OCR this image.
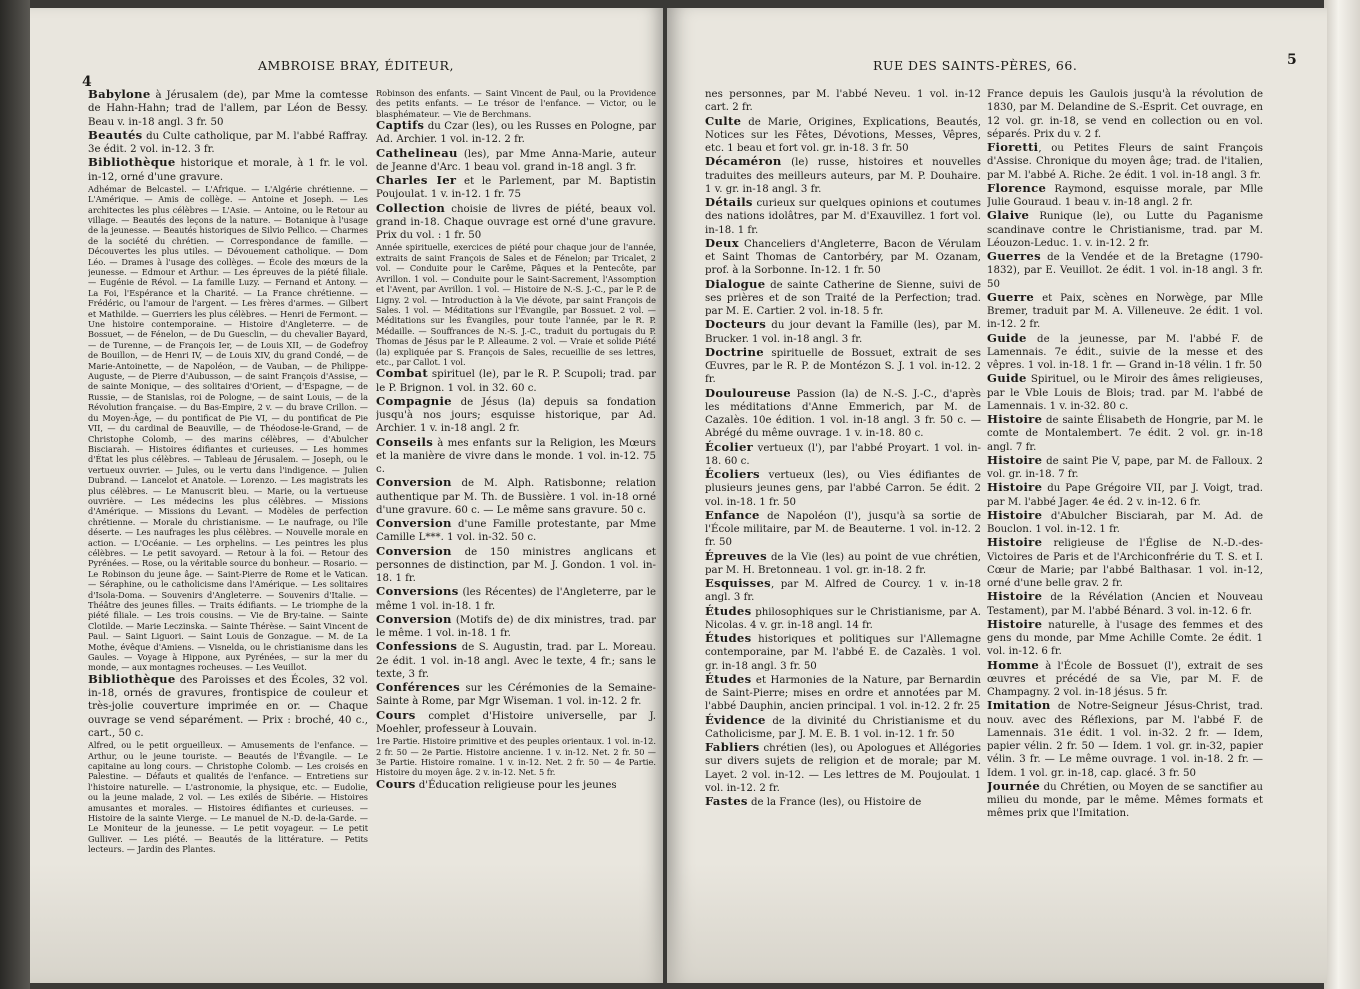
AMBROISE BRAY, ÉDITEUR,
4

Babylone à Jérusalem (de), par Mme la comtesse de Hahn-Hahn; trad de l'allem, par Léon de Bessy. Beau v. in-18 angl. 3 fr. 50

Beautés du Culte catholique, par M. l'abbé Raffray. 3e édit. 2 vol. in-12. 3 fr.

Bibliothèque historique et morale, à 1 fr. le vol. in-12, orné d'une gravure.

Adhémar de Belcastel. — L'Afrique. — L'Algérie chrétienne. — L'Amérique. — Amis de collège. — Antoine et Joseph. — Les architectes les plus célèbres — L'Asie. — Antoine, ou le Retour au village. — Beautés des leçons de la nature. — Botanique à l'usage de la jeunesse. — Beautés historiques de Silvio Pellico. — Charmes de la société du chrétien. — Correspondance de famille. — Découvertes les plus utiles. — Dévouement catholique. — Dom Léo. — Drames à l'usage des collèges. — École des mœurs de la jeunesse. — Edmour et Arthur. — Les épreuves de la piété filiale. — Eugénie de Révol. — La famille Luzy. — Fernand et Antony. — La Foi, l'Espérance et la Charité. — La France chrétienne. — Frédéric, ou l'amour de l'argent. — Les frères d'armes. — Gilbert et Mathilde. — Guerriers les plus célèbres. — Henri de Fermont. — Une histoire contemporaine. — Histoire d'Angleterre. — de Bossuet, — de Fénelon, — de Du Guesclin, — du chevalier Bayard, — de Turenne, — de François Ier, — de Louis XII, — de Godefroy de Bouillon, — de Henri IV, — de Louis XIV, du grand Condé, — de Marie-Antoinette, — de Napoléon, — de Vauban, — de Philippe-Auguste, — de Pierre d'Aubusson, — de saint François d'Assise, — de sainte Monique, — des solitaires d'Orient, — d'Espagne, — de Russie, — de Stanislas, roi de Pologne, — de saint Louis, — de la Révolution française. — du Bas-Empire, 2 v. — du brave Crillon. — du Moyen-Âge, — du pontificat de Pie VI, — du pontificat de Pie VII, — du cardinal de Beauville, — de Théodose-le-Grand, — de Christophe Colomb, — des marins célèbres, — d'Abulcher Bisciarah. — Histoires édifiantes et curieuses. — Les hommes d'État les plus célèbres. — Tableau de Jérusalem. — Joseph, ou le vertueux ouvrier. — Jules, ou le vertu dans l'indigence. — Julien Dubrand. — Lancelot et Anatole. — Lorenzo. — Les magistrats les plus célèbres. — Le Manuscrit bleu. — Marie, ou la vertueuse ouvrière. — Les médecins les plus célèbres. — Missions d'Amérique. — Missions du Levant. — Modèles de perfection chrétienne. — Morale du christianisme. — Le naufrage, ou l'île déserte. — Les naufrages les plus célèbres. — Nouvelle morale en action. — L'Océanie. — Les orphelins. — Les peintres les plus célèbres. — Le petit savoyard. — Retour à la foi. — Retour des Pyrénées. — Rose, ou la véritable source du bonheur. — Rosario. — Le Robinson du jeune âge. — Saint-Pierre de Rome et le Vatican. — Séraphine, ou le catholicisme dans l'Amérique. — Les solitaires d'Isola-Doma. — Souvenirs d'Angleterre. — Souvenirs d'Italie. — Théâtre des jeunes filles. — Traits édifiants. — Le triomphe de la piété filiale. — Les trois cousins. — Vie de Bry-taine. — Sainte Clotilde. — Marie Leczinska. — Sainte Thérèse. — Saint Vincent de Paul. — Saint Liguori. — Saint Louis de Gonzague. — M. de La Mothe, évêque d'Amiens. — Visnelda, ou le christianisme dans les Gaules. — Voyage à Hippone, aux Pyrénées, — sur la mer du monde, — aux montagnes rocheuses. — Les Veuillot.

Bibliothèque des Paroisses et des Écoles, 32 vol. in-18, ornés de gravures, frontispice de couleur et très-jolie couverture imprimée en or. — Chaque ouvrage se vend séparément. — Prix : broché, 40 c., cart., 50 c.

Alfred, ou le petit orgueilleux. — Amusements de l'enfance. — Arthur, ou le jeune touriste. — Beautés de l'Évangile. — Le capitaine au long cours. — Christophe Colomb. — Les croisés en Palestine. — Défauts et qualités de l'enfance. — Entretiens sur l'histoire naturelle. — L'astronomie, la physique, etc. — Eudolie, ou la jeune malade, 2 vol. — Les exilés de Sibérie. — Histoires amusantes et morales. — Histoires édifiantes et curieuses. — Histoire de la sainte Vierge. — Le manuel de N.-D. de-la-Garde. — Le Moniteur de la jeunesse. — Le petit voyageur. — Le petit Gulliver. — Les piété. — Beautés de la littérature. — Petits lecteurs. — Jardin des Plantes.

Robinson des enfants. — Saint Vincent de Paul, ou la Providence des petits enfants. — Le trésor de l'enfance. — Victor, ou le blasphémateur. — Vie de Berchmans.

Captifs du Czar (les), ou les Russes en Pologne, par Ad. Archier. 1 vol. in-12. 2 fr.

Cathelineau (les), par Mme Anna-Marie, auteur de Jeanne d'Arc. 1 beau vol. grand in-18 angl. 3 fr.

Charles Ier et le Parlement, par M. Baptistin Poujoulat. 1 v. in-12. 1 fr. 75

Collection choisie de livres de piété, beaux vol. grand in-18. Chaque ouvrage est orné d'une gravure. Prix du vol. : 1 fr. 50

Année spirituelle, exercices de piété pour chaque jour de l'année, extraits de saint François de Sales et de Fénelon; par Tricalet, 2 vol. — Conduite pour le Carême, Pâques et la Pentecôte, par Avrillon. 1 vol. — Conduite pour le Saint-Sacrement, l'Assomption et l'Avent, par Avrillon. 1 vol. — Histoire de N.-S. J.-C., par le P. de Ligny. 2 vol. — Introduction à la Vie dévote, par saint François de Sales. 1 vol. — Méditations sur l'Évangile, par Bossuet. 2 vol. — Méditations sur les Évangiles, pour toute l'année, par le R. P. Médaille. — Souffrances de N.-S. J.-C., traduit du portugais du P. Thomas de Jésus par le P. Alleaume. 2 vol. — Vraie et solide Piété (la) expliquée par S. François de Sales, recueillie de ses lettres, etc., par Callot. 1 vol.

Combat spirituel (le), par le R. P. Scupoli; trad. par le P. Brignon. 1 vol. in 32. 60 c.

Compagnie de Jésus (la) depuis sa fondation jusqu'à nos jours; esquisse historique, par Ad. Archier. 1 v. in-18 angl. 2 fr.

Conseils à mes enfants sur la Religion, les Mœurs et la manière de vivre dans le monde. 1 vol. in-12. 75 c.

Conversion de M. Alph. Ratisbonne; relation authentique par M. Th. de Bussière. 1 vol. in-18 orné d'une gravure. 60 c. — Le même sans gravure. 50 c.

Conversion d'une Famille protestante, par Mme Camille L***. 1 vol. in-32. 50 c.

Conversion de 150 ministres anglicans et personnes de distinction, par M. J. Gondon. 1 vol. in-18. 1 fr.

Conversions (les Récentes) de l'Angleterre, par le même 1 vol. in-18. 1 fr.

Conversion (Motifs de) de dix ministres, trad. par le même. 1 vol. in-18. 1 fr.

Confessions de S. Augustin, trad. par L. Moreau. 2e édit. 1 vol. in-18 angl. Avec le texte, 4 fr.; sans le texte, 3 fr.

Conférences sur les Cérémonies de la Semaine-Sainte à Rome, par Mgr Wiseman. 1 vol. in-12. 2 fr.

Cours complet d'Histoire universelle, par J. Moehler, professeur à Louvain.

1re Partie. Histoire primitive et des peuples orientaux. 1 vol. in-12. 2 fr. 50 — 2e Partie. Histoire ancienne. 1 v. in-12. Net. 2 fr. 50 — 3e Partie. Histoire romaine. 1 v. in-12. Net. 2 fr. 50 — 4e Partie. Histoire du moyen âge. 2 v. in-12. Net. 5 fr.

Cours d'Éducation religieuse pour les jeunes

RUE DES SAINTS-PÈRES, 66.	5

nes personnes, par M. l'abbé Neveu. 1 vol. in-12 cart. 2 fr.

Culte de Marie, Origines, Explications, Beautés, Notices sur les Fêtes, Dévotions, Messes, Vêpres, etc. 1 beau et fort vol. gr. in-18. 3 fr. 50

Décaméron (le) russe, histoires et nouvelles traduites des meilleurs auteurs, par M. P. Douhaire. 1 v. gr. in-18 angl. 3 fr.

Détails curieux sur quelques opinions et coutumes des nations idolâtres, par M. d'Exauvillez. 1 fort vol. in-18. 1 fr.

Deux Chanceliers d'Angleterre, Bacon de Vérulam et Saint Thomas de Cantorbéry, par M. Ozanam, prof. à la Sorbonne. In-12. 1 fr. 50

Dialogue de sainte Catherine de Sienne, suivi de ses prières et de son Traité de la Perfection; trad. par M. E. Cartier. 2 vol. in-18. 5 fr.

Docteurs du jour devant la Famille (les), par M. Brucker. 1 vol. in-18 angl. 3 fr.

Doctrine spirituelle de Bossuet, extrait de ses Œuvres, par le R. P. de Montézon S. J. 1 vol. in-12. 2 fr.

Douloureuse Passion (la) de N.-S. J.-C., d'après les méditations d'Anne Emmerich, par M. de Cazalès. 10e édition. 1 vol. in-18 angl. 3 fr. 50 c. — Abrégé du même ouvrage. 1 v. in-18. 80 c.

Écolier vertueux (l'), par l'abbé Proyart. 1 vol. in-18. 60 c.

Écoliers vertueux (les), ou Vies édifiantes de plusieurs jeunes gens, par l'abbé Carron. 5e édit. 2 vol. in-18. 1 fr. 50

Enfance de Napoléon (l'), jusqu'à sa sortie de l'École militaire, par M. de Beauterne. 1 vol. in-12. 2 fr. 50

Épreuves de la Vie (les) au point de vue chrétien, par M. H. Bretonneau. 1 vol. gr. in-18. 2 fr.

Esquisses, par M. Alfred de Courcy. 1 v. in-18 angl. 3 fr.

Études philosophiques sur le Christianisme, par A. Nicolas. 4 v. gr. in-18 angl. 14 fr.

Études historiques et politiques sur l'Allemagne contemporaine, par M. l'abbé E. de Cazalès. 1 vol. gr. in-18 angl. 3 fr. 50

Études et Harmonies de la Nature, par Bernardin de Saint-Pierre; mises en ordre et annotées par M. l'abbé Dauphin, ancien principal. 1 vol. in-12. 2 fr. 25

Évidence de la divinité du Christianisme et du Catholicisme, par J. M. E. B. 1 vol. in-12. 1 fr. 50

Fabliers chrétien (les), ou Apologues et Allégories sur divers sujets de religion et de morale; par M. Layet. 2 vol. in-12. — Les lettres de M. Poujoulat. 1 vol. in-12. 2 fr.

Fastes de la France (les), ou Histoire de

France depuis les Gaulois jusqu'à la révolution de 1830, par M. Delandine de S.-Esprit. Cet ouvrage, en 12 vol. gr. in-18, se vend en collection ou en vol. séparés. Prix du v. 2 f.

Fioretti, ou Petites Fleurs de saint François d'Assise. Chronique du moyen âge; trad. de l'italien, par M. l'abbé A. Riche. 2e édit. 1 vol. in-18 angl. 3 fr.

Florence Raymond, esquisse morale, par Mlle Julie Gouraud. 1 beau v. in-18 angl. 2 fr.

Glaive Runique (le), ou Lutte du Paganisme scandinave contre le Christianisme, trad. par M. Léouzon-Leduc. 1. v. in-12. 2 fr.

Guerres de la Vendée et de la Bretagne (1790-1832), par E. Veuillot. 2e édit. 1 vol. in-18 angl. 3 fr. 50

Guerre et Paix, scènes en Norwège, par Mlle Bremer, traduit par M. A. Villeneuve. 2e édit. 1 vol. in-12. 2 fr.

Guide de la jeunesse, par M. l'abbé F. de Lamennais. 7e édit., suivie de la messe et des vêpres. 1 vol. in-18. 1 fr. — Grand in-18 vélin. 1 fr. 50

Guide Spirituel, ou le Miroir des âmes religieuses, par le Vble Louis de Blois; trad. par M. l'abbé de Lamennais. 1 v. in-32. 80 c.

Histoire de sainte Élisabeth de Hongrie, par M. le comte de Montalembert. 7e édit. 2 vol. gr. in-18 angl. 7 fr.

Histoire de saint Pie V, pape, par M. de Falloux. 2 vol. gr. in-18. 7 fr.

Histoire du Pape Grégoire VII, par J. Voigt, trad. par M. l'abbé Jager. 4e éd. 2 v. in-12. 6 fr.

Histoire d'Abulcher Bisciarah, par M. Ad. de Bouclon. 1 vol. in-12. 1 fr.

Histoire religieuse de l'Église de N.-D.-des-Victoires de Paris et de l'Archiconfrérie du T. S. et I. Cœur de Marie; par l'abbé Balthasar. 1 vol. in-12, orné d'une belle grav. 2 fr.

Histoire de la Révélation (Ancien et Nouveau Testament), par M. l'abbé Bénard. 3 vol. in-12. 6 fr.

Histoire naturelle, à l'usage des femmes et des gens du monde, par Mme Achille Comte. 2e édit. 1 vol. in-12. 6 fr.

Homme à l'École de Bossuet (l'), extrait de ses œuvres et précédé de sa Vie, par M. F. de Champagny. 2 vol. in-18 jésus. 5 fr.

Imitation de Notre-Seigneur Jésus-Christ, trad. nouv. avec des Réflexions, par M. l'abbé F. de Lamennais. 31e édit. 1 vol. in-32. 2 fr. — Idem, papier vélin. 2 fr. 50 — Idem. 1 vol. gr. in-32, papier vélin. 3 fr. — Le même ouvrage. 1 vol. in-18. 2 fr. — Idem. 1 vol. gr. in-18, cap. glacé. 3 fr. 50

Journée du Chrétien, ou Moyen de se sanctifier au milieu du monde, par le même. Mêmes formats et mêmes prix que l'Imitation.
